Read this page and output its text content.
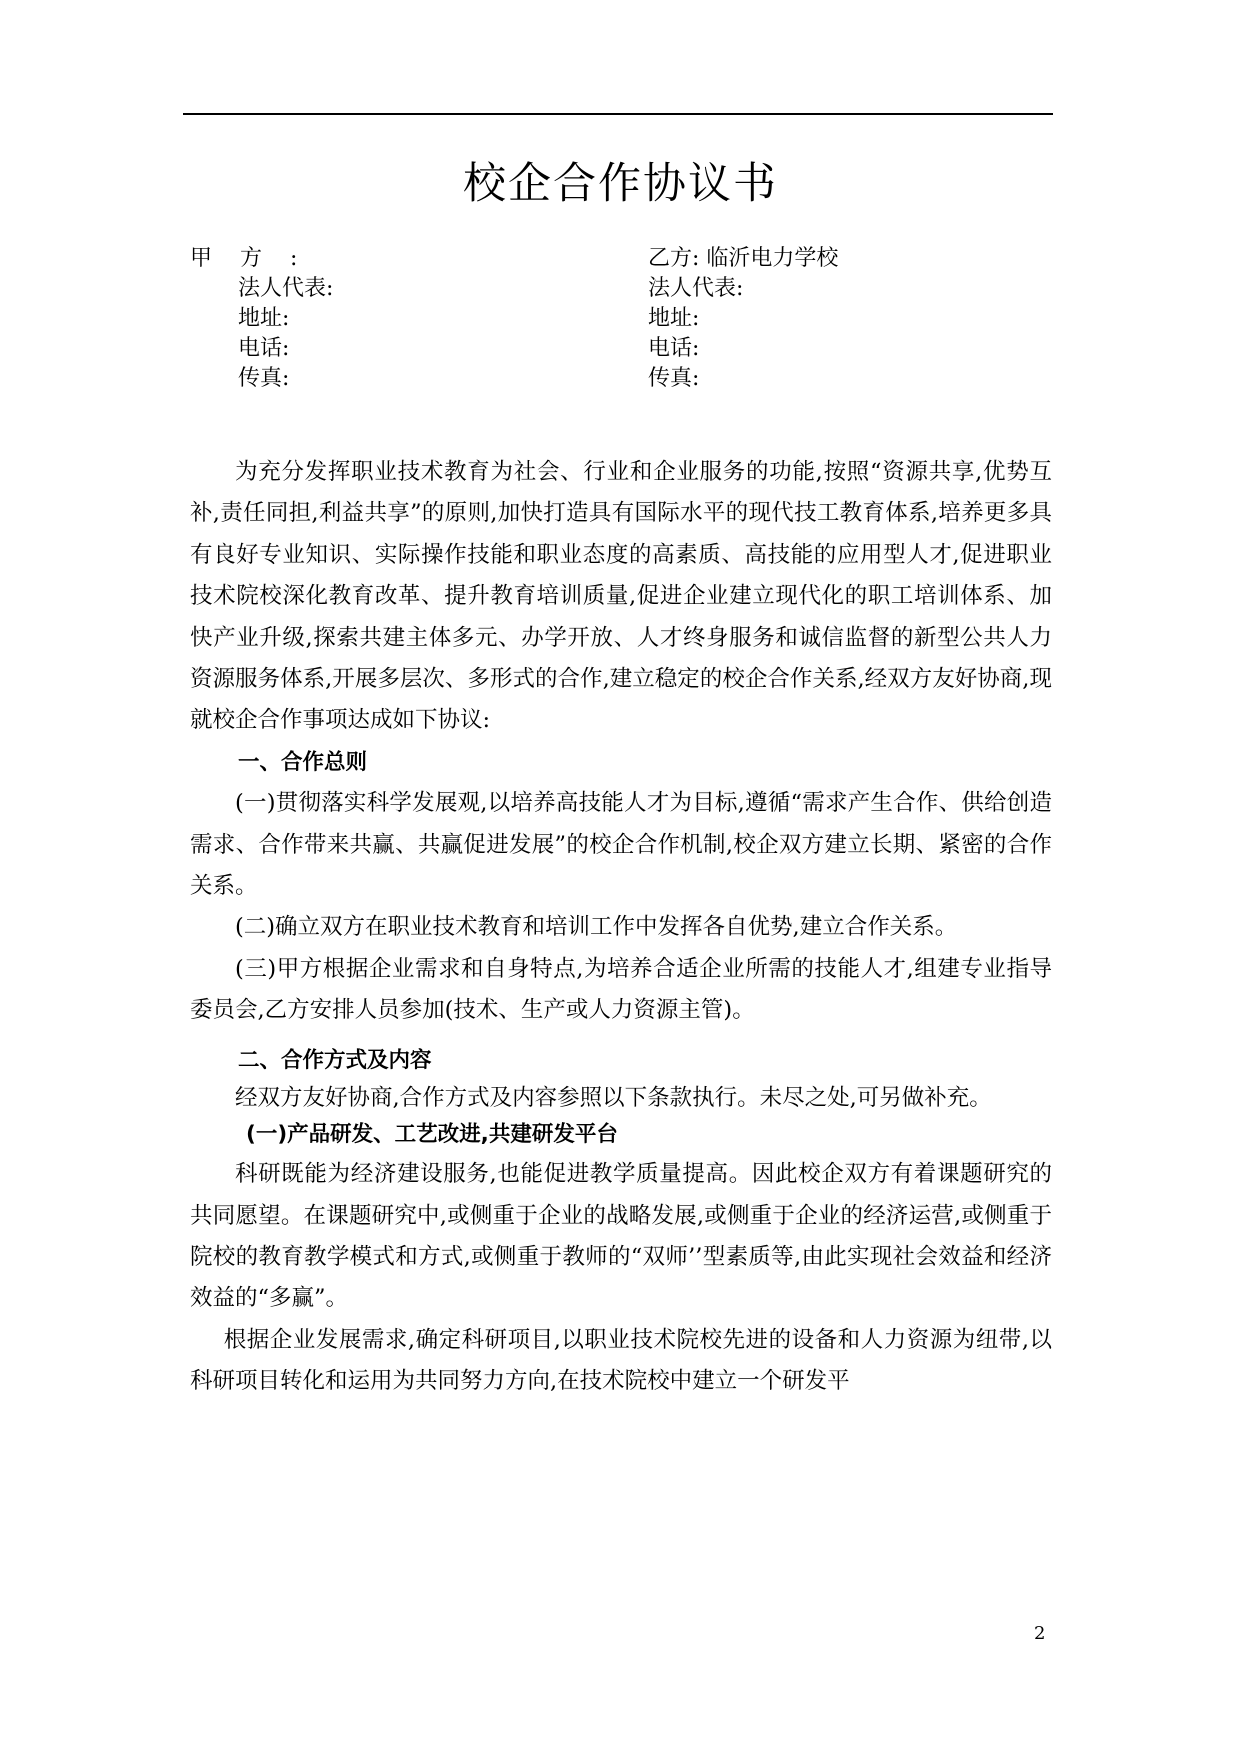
校企合作协议书
甲方:
法人代表:
地址:
电话:
传真:
乙方: 临沂电力学校
法人代表:
地址:
电话:
传真:

为充分发挥职业技术教育为社会、行业和企业服务的功能,按照“资源共享,优势互补,责任同担,利益共享”的原则,加快打造具有国际水平的现代技工教育体系,培养更多具有良好专业知识、实际操作技能和职业态度的高素质、高技能的应用型人才,促进职业技术院校深化教育改革、提升教育培训质量,促进企业建立现代化的职工培训体系、加快产业升级,探索共建主体多元、办学开放、人才终身服务和诚信监督的新型公共人力资源服务体系,开展多层次、多形式的合作,建立稳定的校企合作关系,经双方友好协商,现就校企合作事项达成如下协议:

一、合作总则

(一)贯彻落实科学发展观,以培养高技能人才为目标,遵循“需求产生合作、供给创造需求、合作带来共赢、共赢促进发展”的校企合作机制,校企双方建立长期、紧密的合作关系。

(二)确立双方在职业技术教育和培训工作中发挥各自优势,建立合作关系。

(三)甲方根据企业需求和自身特点,为培养合适企业所需的技能人才,组建专业指导委员会,乙方安排人员参加(技术、生产或人力资源主管)。

二、合作方式及内容

经双方友好协商,合作方式及内容参照以下条款执行。未尽之处,可另做补充。

(一)产品研发、工艺改进,共建研发平台

科研既能为经济建设服务,也能促进教学质量提高。因此校企双方有着课题研究的共同愿望。在课题研究中,或侧重于企业的战略发展,或侧重于企业的经济运营,或侧重于院校的教育教学模式和方式,或侧重于教师的“双师’’型素质等,由此实现社会效益和经济效益的“多赢”。

根据企业发展需求,确定科研项目,以职业技术院校先进的设备和人力资源为纽带,以科研项目转化和运用为共同努力方向,在技术院校中建立一个研发平

2
